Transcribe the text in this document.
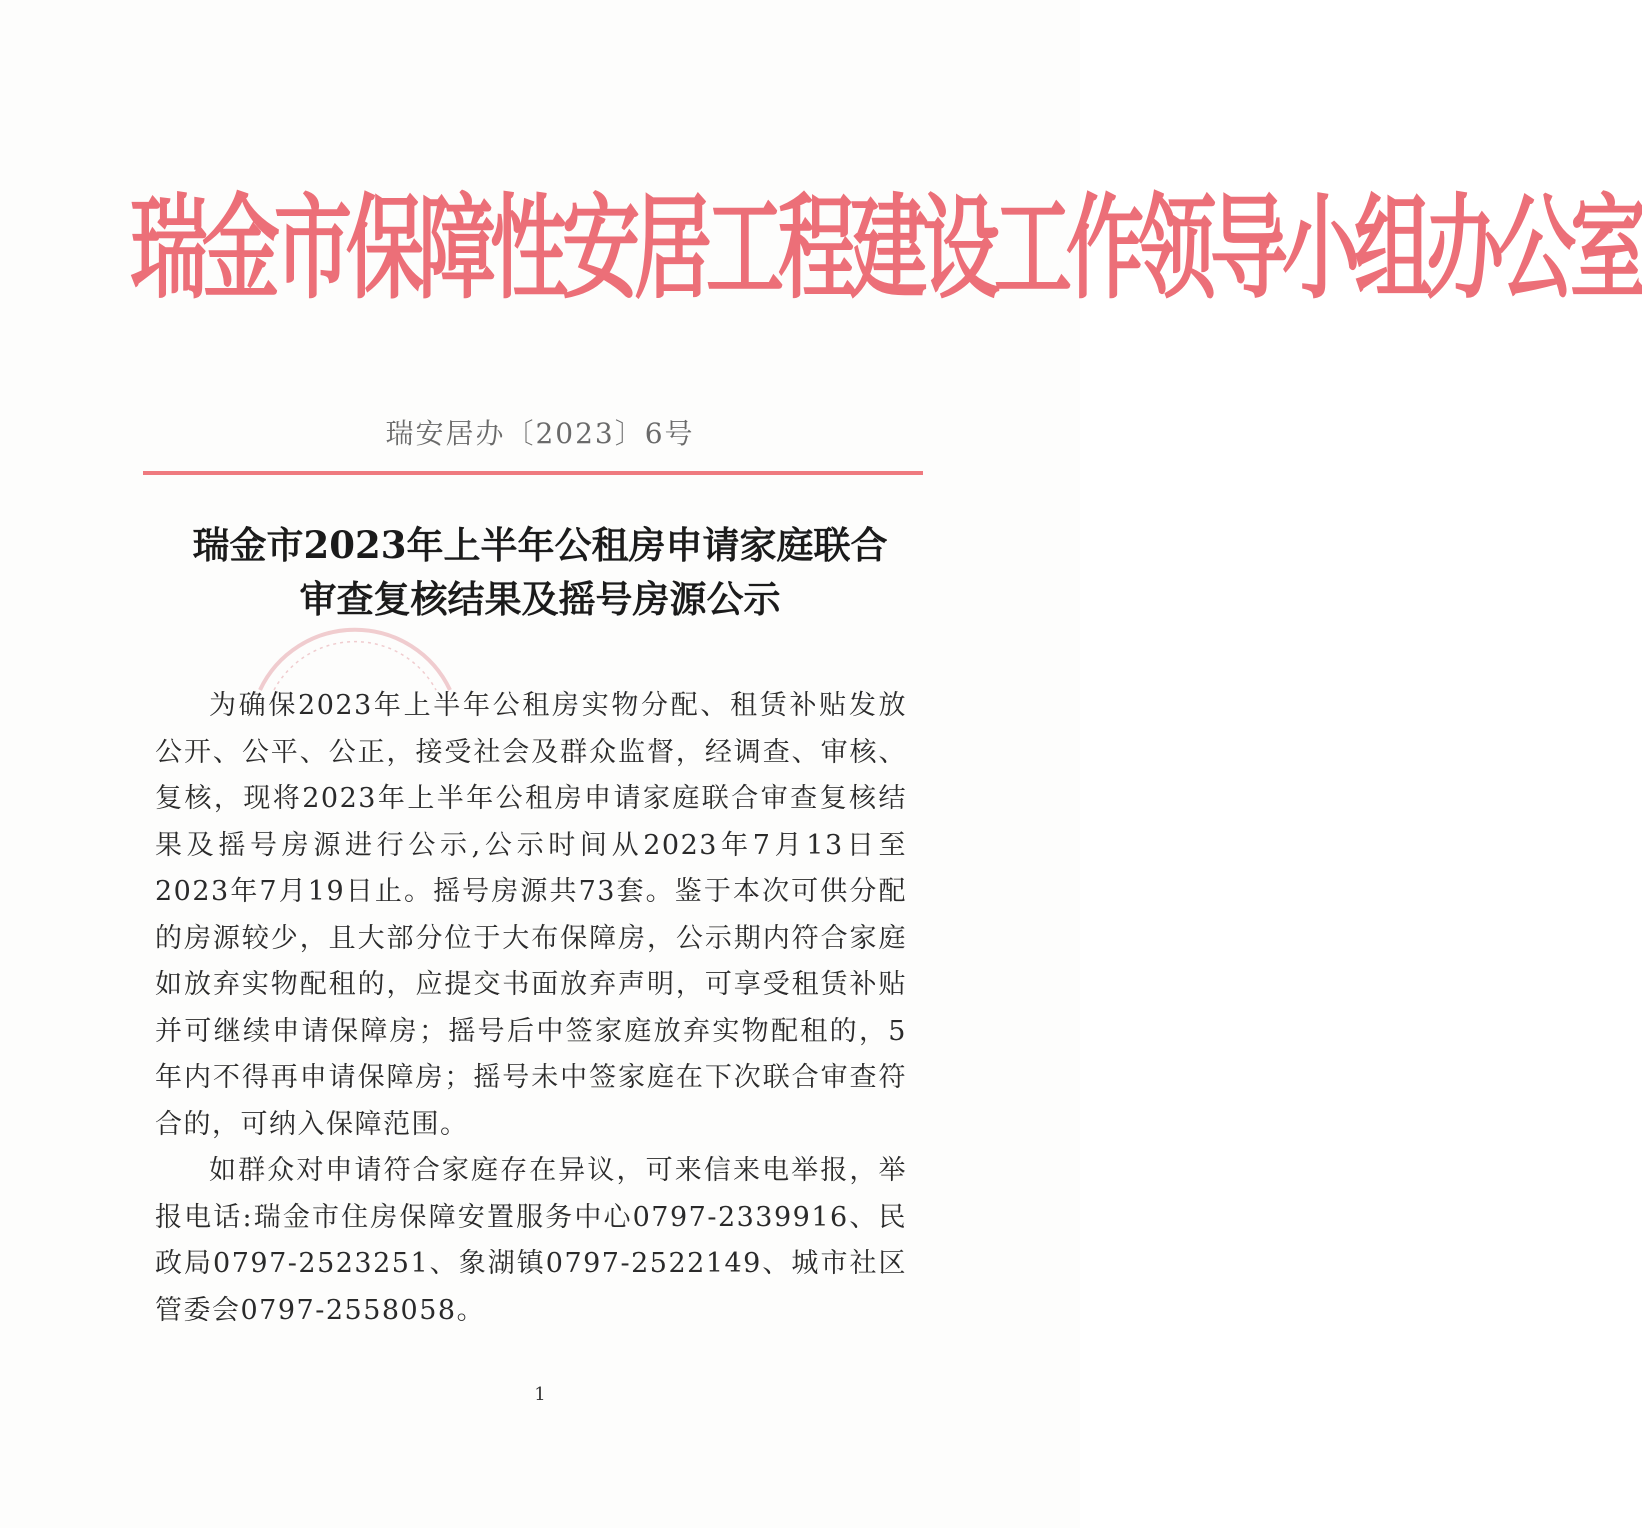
瑞金市保障性安居工程建设工作领导小组办公室
瑞安居办〔2023〕6号
瑞金市2023年上半年公租房申请家庭联合
审查复核结果及摇号房源公示

为确保2023年上半年公租房实物分配、租赁补贴发放公开、公平、公正，接受社会及群众监督，经调查、审核、复核，现将2023年上半年公租房申请家庭联合审查复核结果及摇号房源进行公示,公示时间从2023年7月13日至2023年7月19日止。摇号房源共73套。鉴于本次可供分配的房源较少，且大部分位于大布保障房，公示期内符合家庭如放弃实物配租的，应提交书面放弃声明，可享受租赁补贴并可继续申请保障房；摇号后中签家庭放弃实物配租的，5年内不得再申请保障房；摇号未中签家庭在下次联合审查符合的，可纳入保障范围。

如群众对申请符合家庭存在异议，可来信来电举报，举报电话:瑞金市住房保障安置服务中心0797-2339916、民政局0797-2523251、象湖镇0797-2522149、城市社区管委会0797-2558058。

1
